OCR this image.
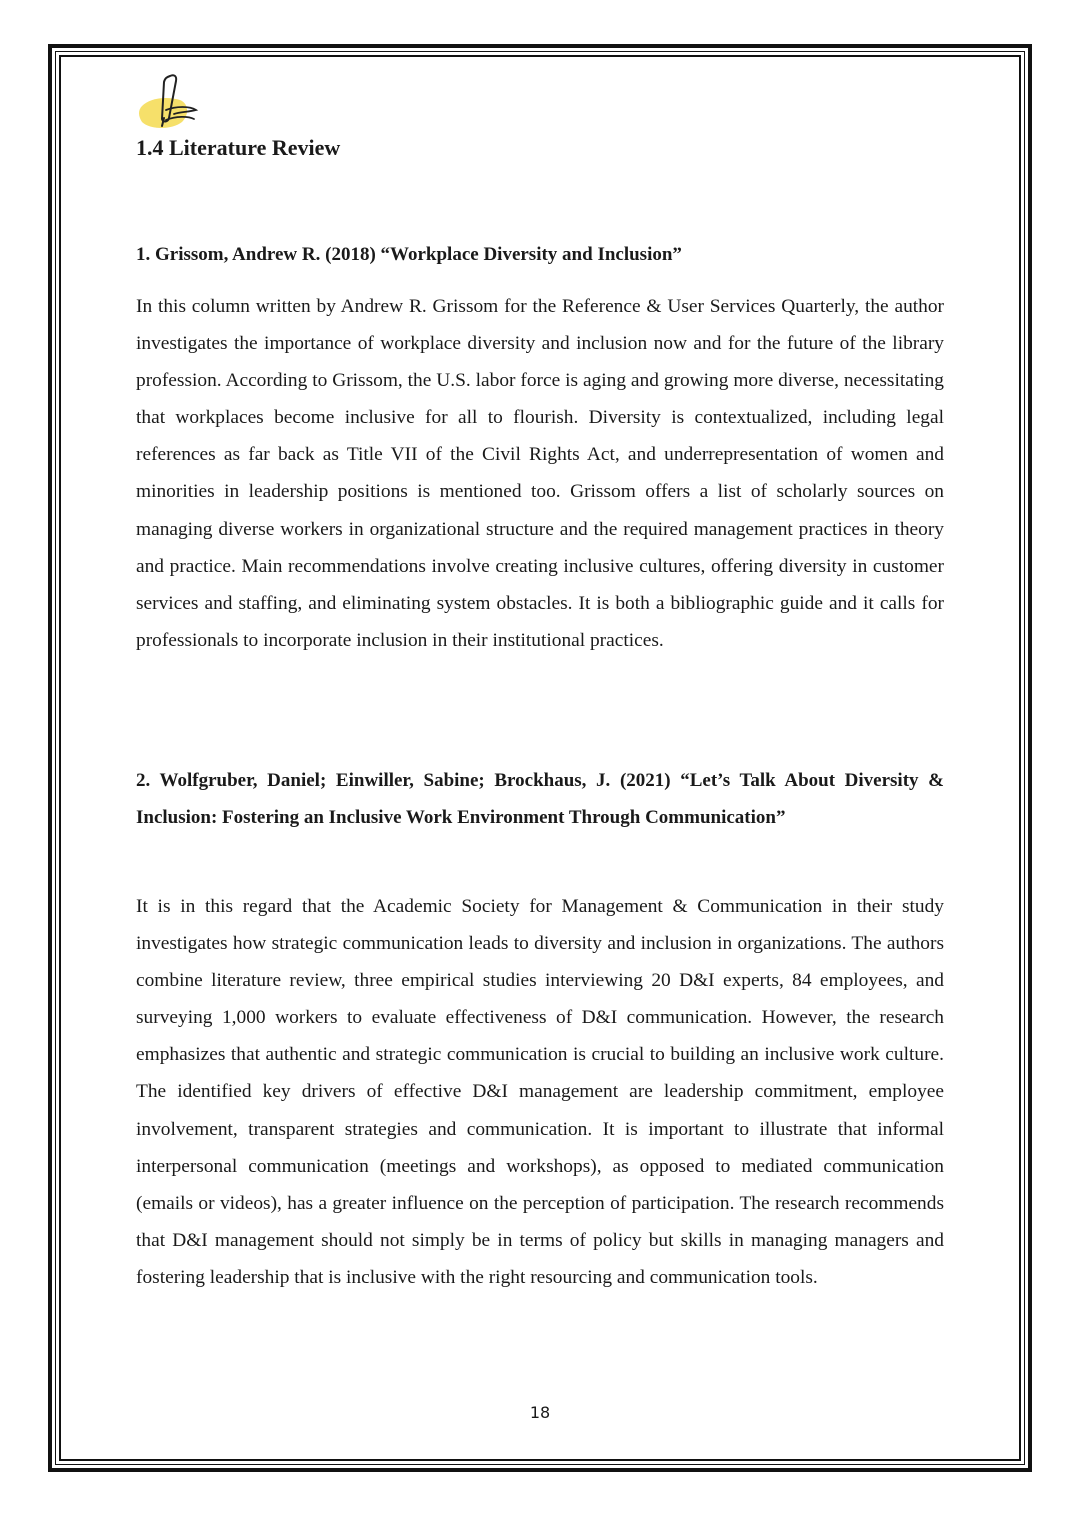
1.4 Literature Review

1. Grissom, Andrew R. (2018) “Workplace Diversity and Inclusion”

In this column written by Andrew R. Grissom for the Reference & User Services Quarterly, the author investigates the importance of workplace diversity and inclusion now and for the future of the library profession. According to Grissom, the U.S. labor force is aging and growing more diverse, necessitating that workplaces become inclusive for all to flourish. Diversity is contextualized, including legal references as far back as Title VII of the Civil Rights Act, and underrepresentation of women and minorities in leadership positions is mentioned too. Grissom offers a list of scholarly sources on managing diverse workers in organizational structure and the required management practices in theory and practice. Main recommendations involve creating inclusive cultures, offering diversity in customer services and staffing, and eliminating system obstacles. It is both a bibliographic guide and it calls for professionals to incorporate inclusion in their institutional practices.

2. Wolfgruber, Daniel; Einwiller, Sabine; Brockhaus, J. (2021) “Let’s Talk About Diversity & Inclusion: Fostering an Inclusive Work Environment Through Communication”

It is in this regard that the Academic Society for Management & Communication in their study investigates how strategic communication leads to diversity and inclusion in organizations. The authors combine literature review, three empirical studies interviewing 20 D&I experts, 84 employees, and surveying 1,000 workers to evaluate effectiveness of D&I communication. However, the research emphasizes that authentic and strategic communication is crucial to building an inclusive work culture. The identified key drivers of effective D&I management are leadership commitment, employee involvement, transparent strategies and communication. It is important to illustrate that informal interpersonal communication (meetings and workshops), as opposed to mediated communication (emails or videos), has a greater influence on the perception of participation. The research recommends that D&I management should not simply be in terms of policy but skills in managing managers and fostering leadership that is inclusive with the right resourcing and communication tools.

18
